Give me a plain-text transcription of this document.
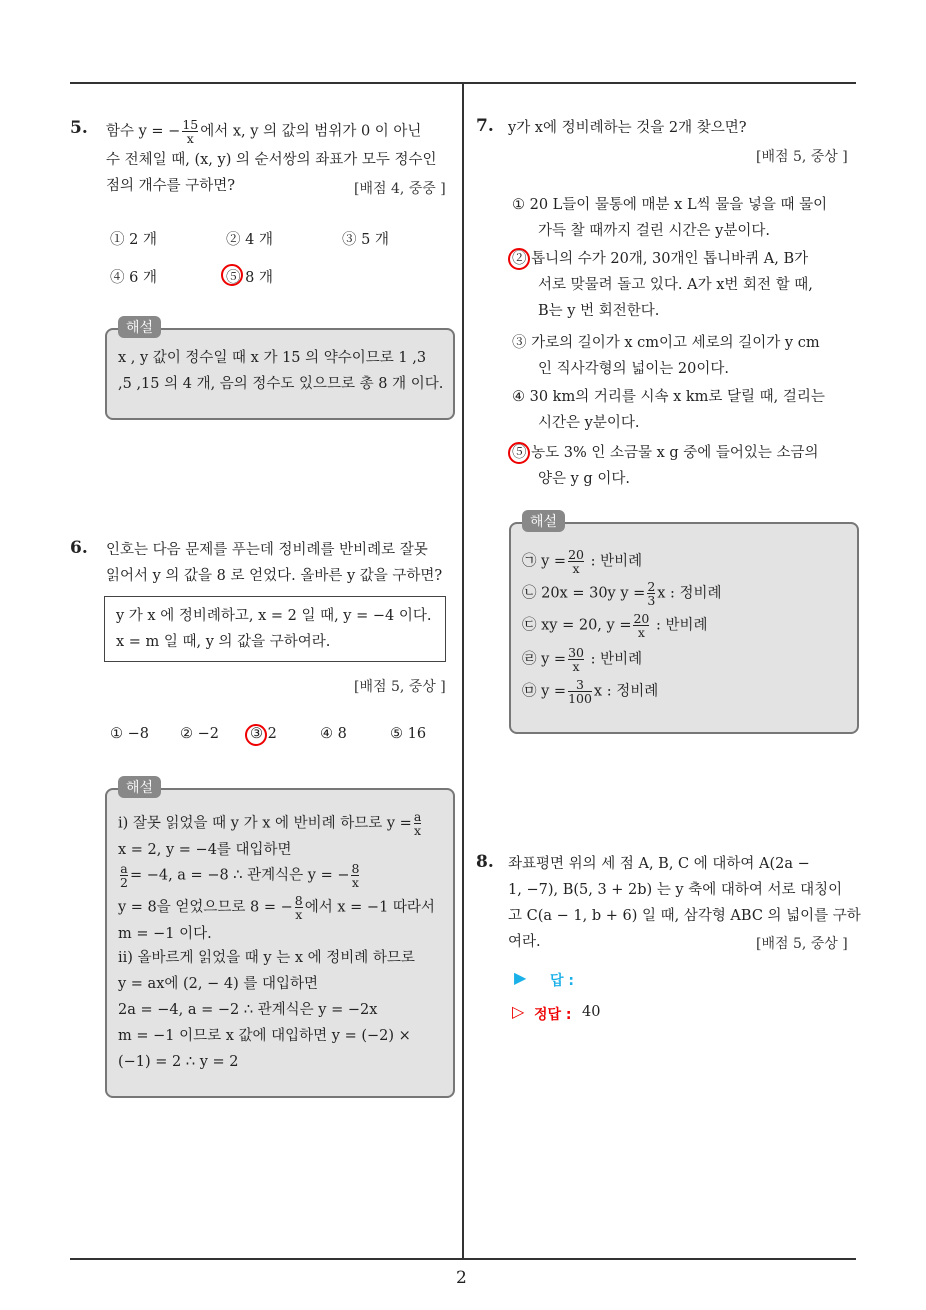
2
5. 함수 y = − $\frac{15}{x}$ 에서 x, y 의 값의 범위가 0 이 아닌
수 전체일 때, (x, y) 의 순서쌍의 좌표가 모두 정수인
점의 개수를 구하면?	[배점 4, 중중 ]
① 2 개	② 4 개	③ 5 개
④ 6 개	⑤ 8 개
해설
x , y 값이 정수일 때 x 가 15 의 약수이므로 1 ,3
,5 ,15 의 4 개, 음의 정수도 있으므로 총 8 개 이다.
6. 인호는 다음 문제를 푸는데 정비례를 반비례로 잘못
읽어서 y 의 값을 8 로 얻었다. 올바른 y 값을 구하면?
y 가 x 에 정비례하고, x = 2 일 때, y = −4 이다.
x = m 일 때, y 의 값을 구하여라.
[배점 5, 중상 ]
① −8 ② −2 ③ 2	④ 8	⑤ 16
해설
ⅰ) 잘못 읽었을 때 y 가 x 에 반비례 하므로 $y = \frac{a}{x}$
x = 2, y = −4를 대입하면
$\frac{a}{2} = -4$, a = −8 ∴ 관계식은 y = − $\frac{8}{x}$
y = 8을 얻었으므로 8 = − $\frac{8}{x}$ 에서 x = −1 따라서
m = −1 이다.
ⅱ) 올바르게 읽었을 때 y 는 x 에 정비례 하므로
y = ax에 (2, − 4) 를 대입하면
2a = −4, a = −2 ∴ 관계식은 y = −2x
m = −1 이므로 x 값에 대입하면 y = (−2) ×
(−1) = 2 ∴ y = 2
7. y가 x에 정비례하는 것을 2개 찾으면?
[배점 5, 중상 ]
① 20 L들이 물통에 매분 x L씩 물을 넣을 때 물이
가득 찰 때까지 걸린 시간은 y분이다.
② 톱니의 수가 20개, 30개인 톱니바퀴 A, B가
서로 맞물려 돌고 있다. A가 x번 회전 할 때,
B는 y 번 회전한다.
③ 가로의 길이가 x cm이고 세로의 길이가 y cm
인 직사각형의 넓이는 20이다.
④ 30 km의 거리를 시속 x km로 달릴 때, 걸리는
시간은 y분이다.
⑤ 농도 3% 인 소금물 x g 중에 들어있는 소금의
양은 y g 이다.
해설
㉠ $y = \frac{20}{x}$ : 반비례
㉡ 20x = 30y $y = \frac{2}{3}$ x : 정비례
㉢ xy = 20, $y = \frac{20}{x}$ : 반비례
㉣ $y = \frac{30}{x}$ : 반비례
㉤ $y = \frac{3}{100}$ x : 정비례
8. 좌표평면 위의 세 점 A, B, C 에 대하여 A(2a −
1, −7), B(5, 3 + 2b) 는 y 축에 대하여 서로 대칭이
고 C(a − 1, b + 6) 일 때, 삼각형 ABC 의 넓이를 구하
여라.	[배점 5, 중상 ]
▶ 답 :
▷ 정답 : 40
